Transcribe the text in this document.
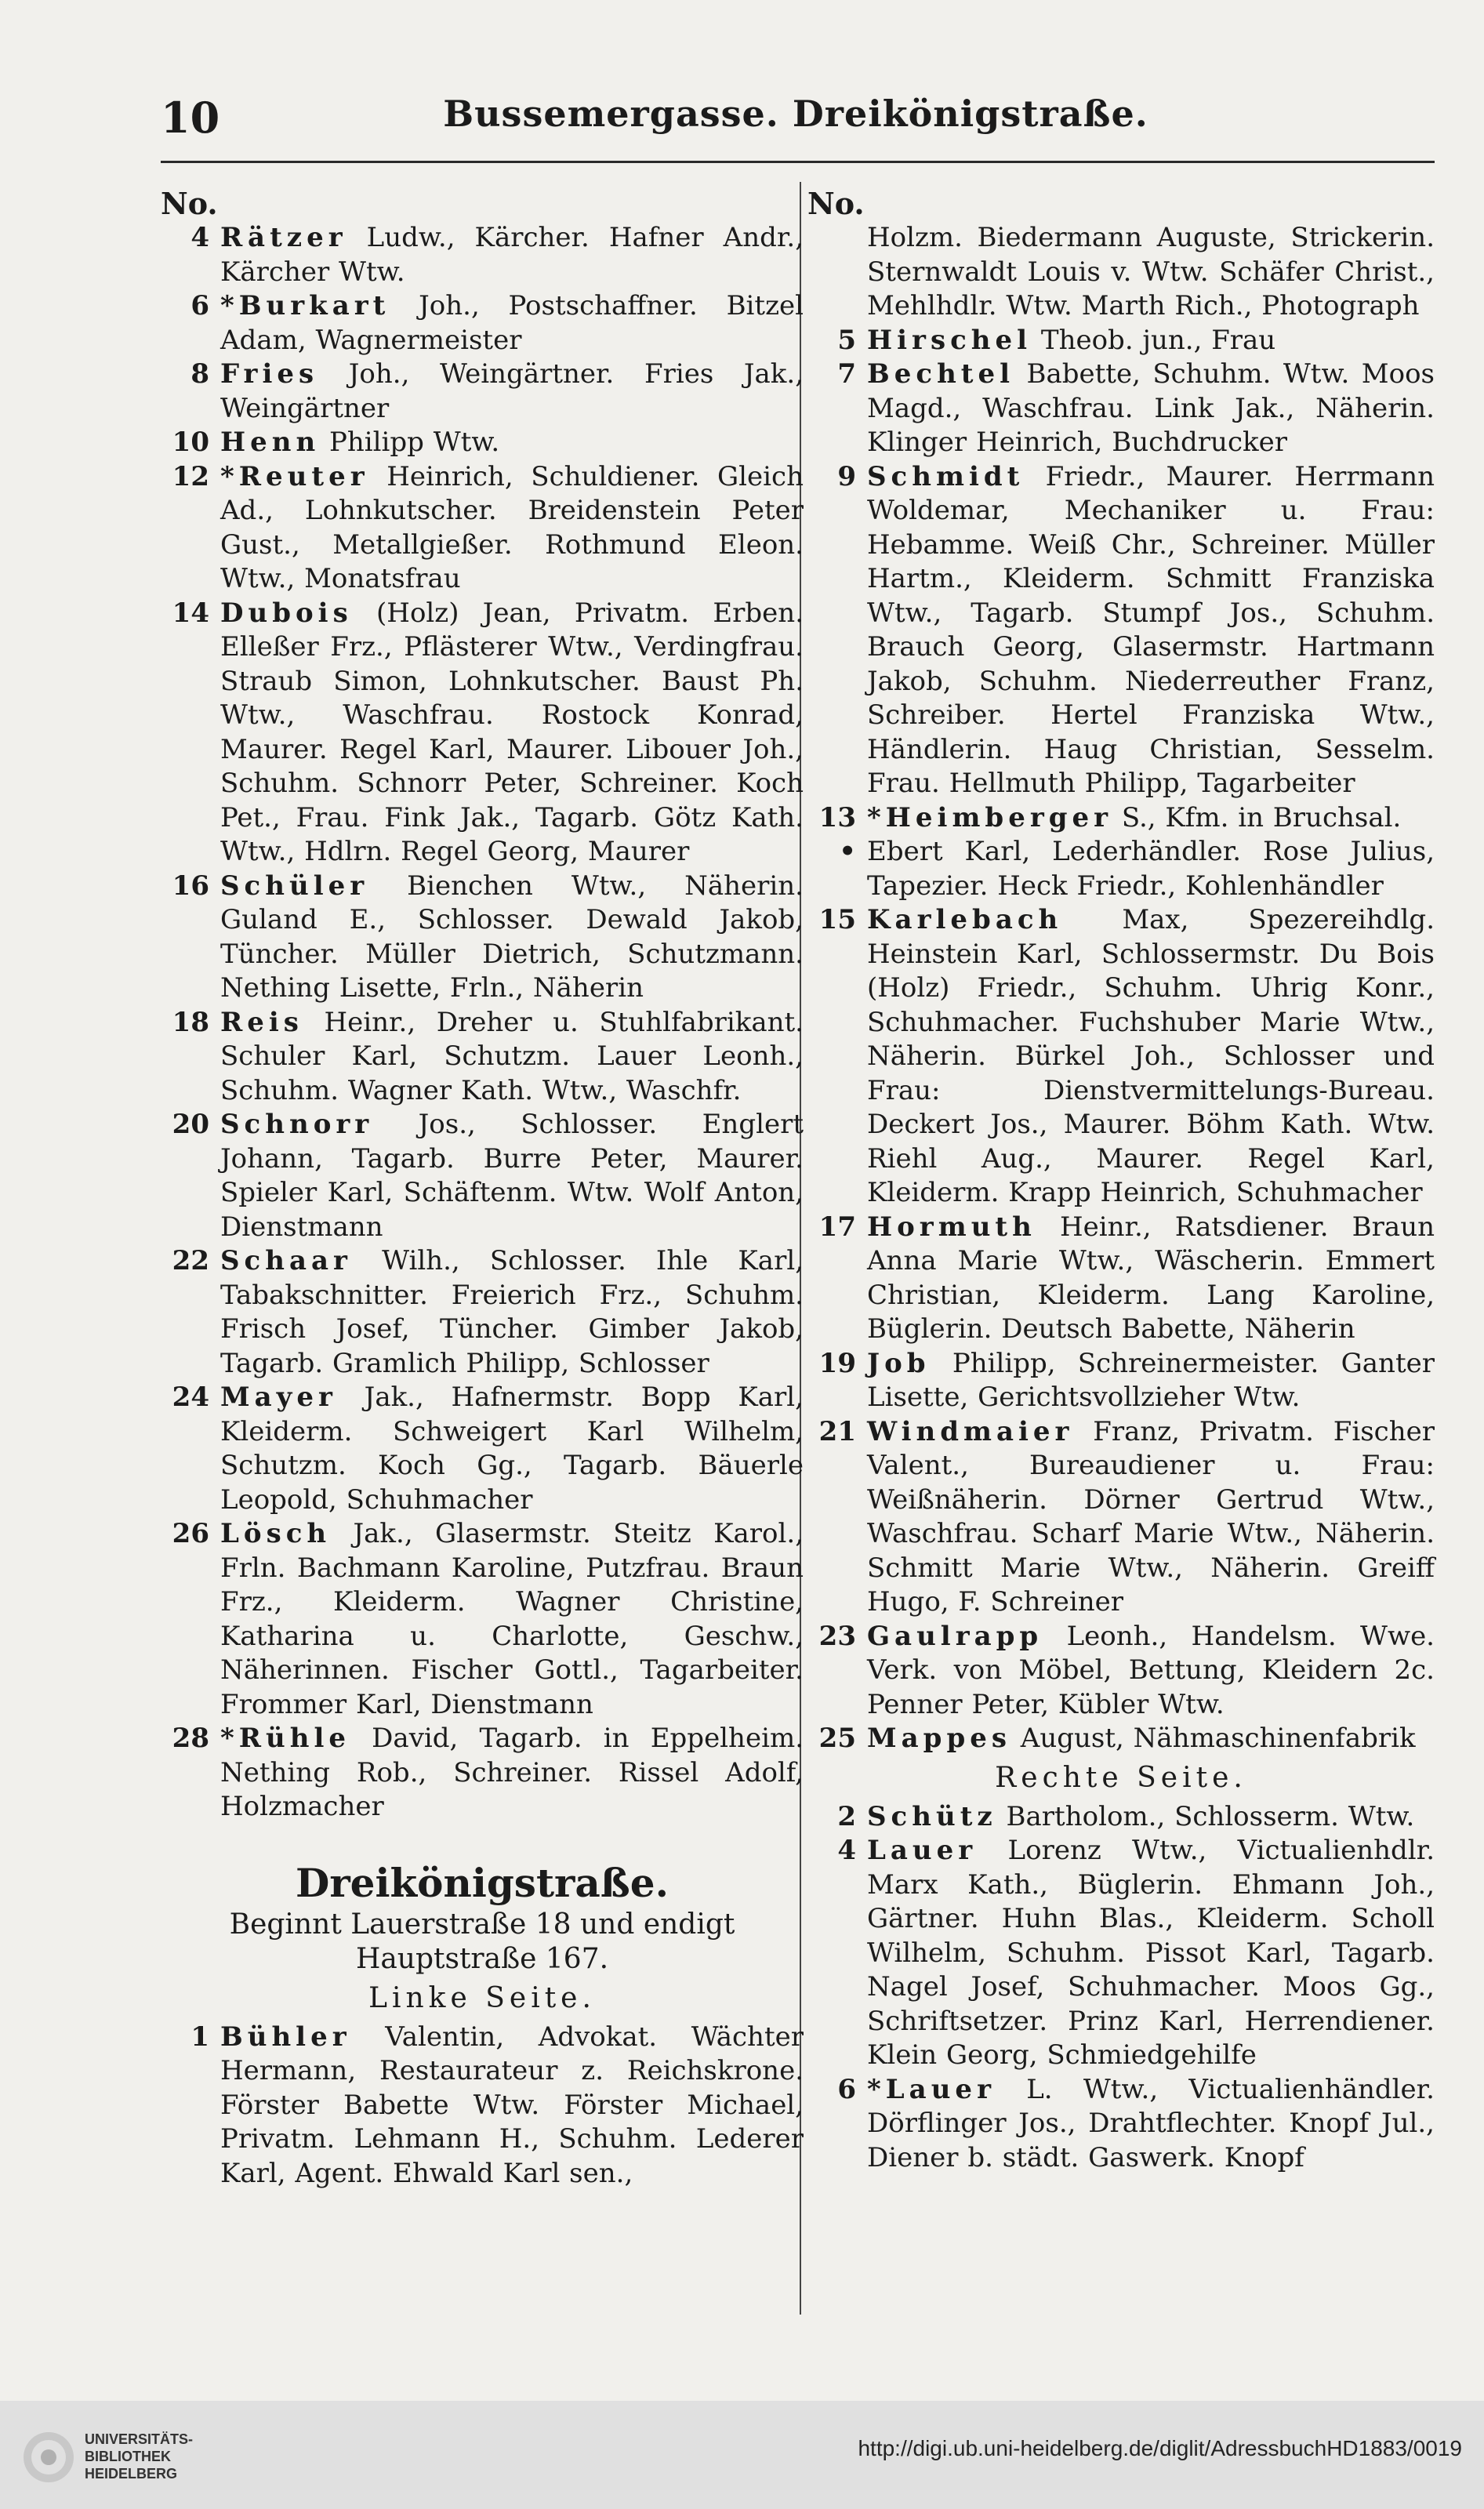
10	Bussemergasse. Dreikönigstraße.
No.
4 Rätzer Ludw., Kärcher. Hafner Andr., Kärcher Wtw.
6 *Burkart Joh., Postschaffner. Bitzel Adam, Wagnermeister
8 Fries Joh., Weingärtner. Fries Jak., Weingärtner
10 Henn Philipp Wtw.
12 *Reuter Heinrich, Schuldiener. Gleich Ad., Lohnkutscher. Breidenstein Peter Gust., Metallgießer. Rothmund Eleon. Wtw., Monatsfrau
14 Dubois (Holz) Jean, Privatm. Erben. Elleßer Frz., Pflästerer Wtw., Verdingfrau. Straub Simon, Lohnkutscher. Baust Ph. Wtw., Waschfrau. Rostock Konrad, Maurer. Regel Karl, Maurer. Libouer Joh., Schuhm. Schnorr Peter, Schreiner. Koch Pet., Frau. Fink Jak., Tagarb. Götz Kath. Wtw., Hdlrn. Regel Georg, Maurer
16 Schüler Bienchen Wtw., Näherin. Guland E., Schlosser. Dewald Jakob, Tüncher. Müller Dietrich, Schutzmann. Nething Lisette, Frln., Näherin
18 Reis Heinr., Dreher u. Stuhlfabrikant. Schuler Karl, Schutzm. Lauer Leonh., Schuhm. Wagner Kath. Wtw., Waschfr.
20 Schnorr Jos., Schlosser. Englert Johann, Tagarb. Burre Peter, Maurer. Spieler Karl, Schäftenm. Wtw. Wolf Anton, Dienstmann
22 Schaar Wilh., Schlosser. Ihle Karl, Tabakschnitter. Freierich Frz., Schuhm. Frisch Josef, Tüncher. Gimber Jakob, Tagarb. Gramlich Philipp, Schlosser
24 Mayer Jak., Hafnermstr. Bopp Karl, Kleiderm. Schweigert Karl Wilhelm, Schutzm. Koch Gg., Tagarb. Bäuerle Leopold, Schuhmacher
26 Lösch Jak., Glasermstr. Steitz Karol., Frln. Bachmann Karoline, Putzfrau. Braun Frz., Kleiderm. Wagner Christine, Katharina u. Charlotte, Geschw., Näherinnen. Fischer Gottl., Tagarbeiter. Frommer Karl, Dienstmann
28 *Rühle David, Tagarb. in Eppelheim. Nething Rob., Schreiner. Rissel Adolf, Holzmacher
Dreikönigstraße.
Beginnt Lauerstraße 18 und endigt Hauptstraße 167.
Linke Seite.
1 Bühler Valentin, Advokat. Wächter Hermann, Restaurateur z. Reichskrone. Förster Babette Wtw. Förster Michael, Privatm. Lehmann H., Schuhm. Lederer Karl, Agent. Ehwald Karl sen.,
No.
Holzm. Biedermann Auguste, Strickerin. Sternwaldt Louis v. Wtw. Schäfer Christ., Mehlhdlr. Wtw. Marth Rich., Photograph
5 Hirschel Theob. jun., Frau
7 Bechtel Babette, Schuhm. Wtw. Moos Magd., Waschfrau. Link Jak., Näherin. Klinger Heinrich, Buchdrucker
9 Schmidt Friedr., Maurer. Herrmann Woldemar, Mechaniker u. Frau: Hebamme. Weiß Chr., Schreiner. Müller Hartm., Kleiderm. Schmitt Franziska Wtw., Tagarb. Stumpf Jos., Schuhm. Brauch Georg, Glasermstr. Hartmann Jakob, Schuhm. Niederreuther Franz, Schreiber. Hertel Franziska Wtw., Händlerin. Haug Christian, Sesselm. Frau. Hellmuth Philipp, Tagarbeiter
13 *Heimberger S., Kfm. in Bruchsal.
• Ebert Karl, Lederhändler. Rose Julius, Tapezier. Heck Friedr., Kohlenhändler
15 Karlebach Max, Spezereihdlg. Heinstein Karl, Schlossermstr. Du Bois (Holz) Friedr., Schuhm. Uhrig Konr., Schuhmacher. Fuchshuber Marie Wtw., Näherin. Bürkel Joh., Schlosser und Frau: Dienstvermittelungs-Bureau. Deckert Jos., Maurer. Böhm Kath. Wtw. Riehl Aug., Maurer. Regel Karl, Kleiderm. Krapp Heinrich, Schuhmacher
17 Hormuth Heinr., Ratsdiener. Braun Anna Marie Wtw., Wäscherin. Emmert Christian, Kleiderm. Lang Karoline, Büglerin. Deutsch Babette, Näherin
19 Job Philipp, Schreinermeister. Ganter Lisette, Gerichtsvollzieher Wtw.
21 Windmaier Franz, Privatm. Fischer Valent., Bureaudiener u. Frau: Weißnäherin. Dörner Gertrud Wtw., Waschfrau. Scharf Marie Wtw., Näherin. Schmitt Marie Wtw., Näherin. Greiff Hugo, F. Schreiner
23 Gaulrapp Leonh., Handelsm. Wwe. Verk. von Möbel, Bettung, Kleidern 2c. Penner Peter, Kübler Wtw.
25 Mappes August, Nähmaschinenfabrik
Rechte Seite.
2 Schütz Bartholom., Schlosserm. Wtw.
4 Lauer Lorenz Wtw., Victualienhdlr. Marx Kath., Büglerin. Ehmann Joh., Gärtner. Huhn Blas., Kleiderm. Scholl Wilhelm, Schuhm. Pissot Karl, Tagarb. Nagel Josef, Schuhmacher. Moos Gg., Schriftsetzer. Prinz Karl, Herrendiener. Klein Georg, Schmiedgehilfe
6 *Lauer L. Wtw., Victualienhändler. Dörflinger Jos., Drahtflechter. Knopf Jul., Diener b. städt. Gaswerk. Knopf
UNIVERSITÄTS-
BIBLIOTHEK
HEIDELBERG
http://digi.ub.uni-heidelberg.de/diglit/AdressbuchHD1883/0019
